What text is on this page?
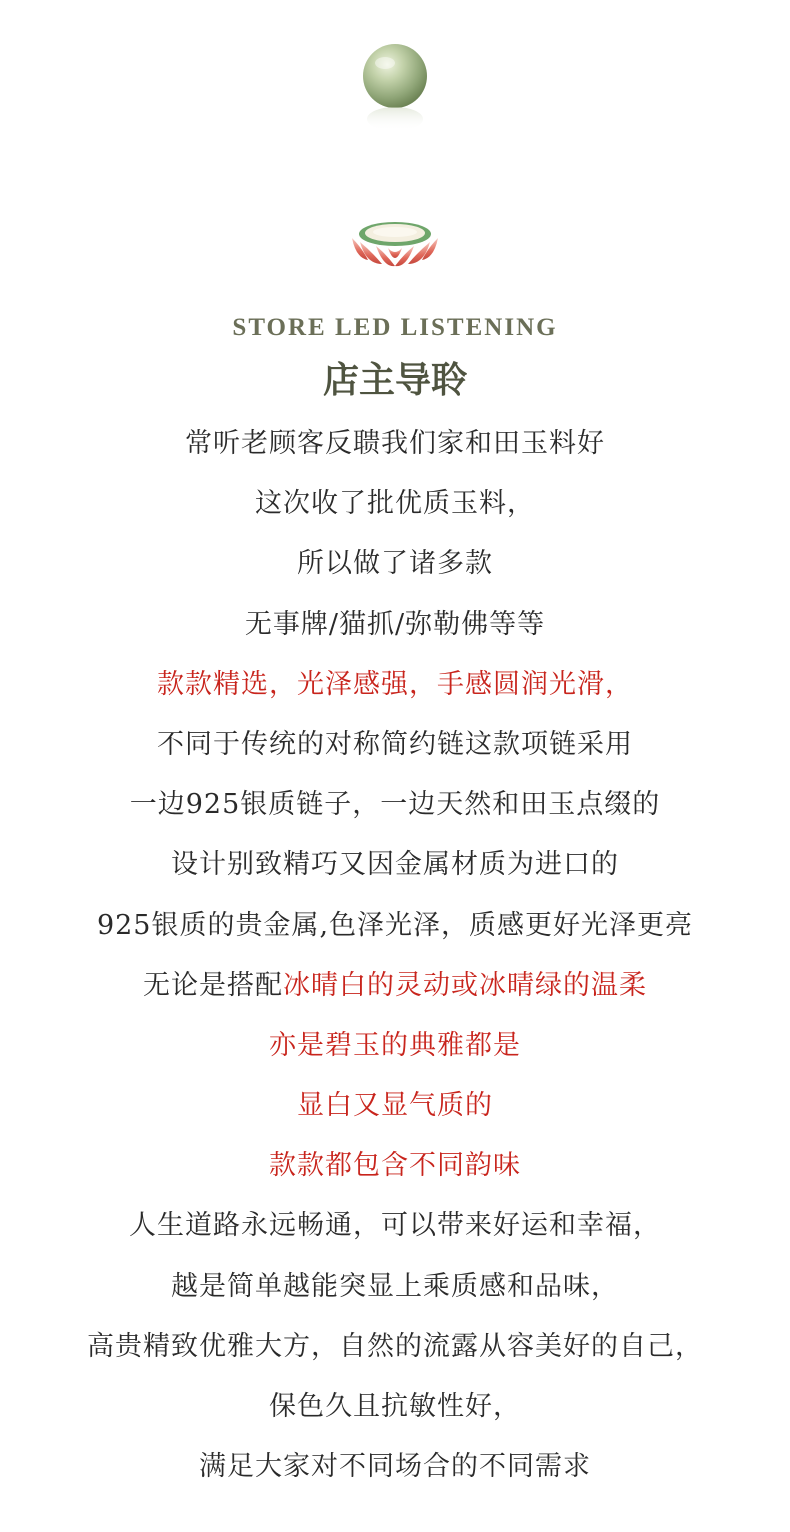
STORE LED LISTENING
店主导聆
常听老顾客反聩我们家和田玉料好
这次收了批优质玉料，
所以做了诸多款
无事牌/猫抓/弥勒佛等等
款款精选，光泽感强，手感圆润光滑，
不同于传统的对称简约链这款项链采用
一边925银质链子，一边天然和田玉点缀的
设计别致精巧又因金属材质为进口的
925银质的贵金属,色泽光泽，质感更好光泽更亮
无论是搭配冰晴白的灵动或冰晴绿的温柔
亦是碧玉的典雅都是
显白又显气质的
款款都包含不同韵味
人生道路永远畅通，可以带来好运和幸福，
越是简单越能突显上乘质感和品味，
高贵精致优雅大方，自然的流露从容美好的自己，
保色久且抗敏性好，
满足大家对不同场合的不同需求
